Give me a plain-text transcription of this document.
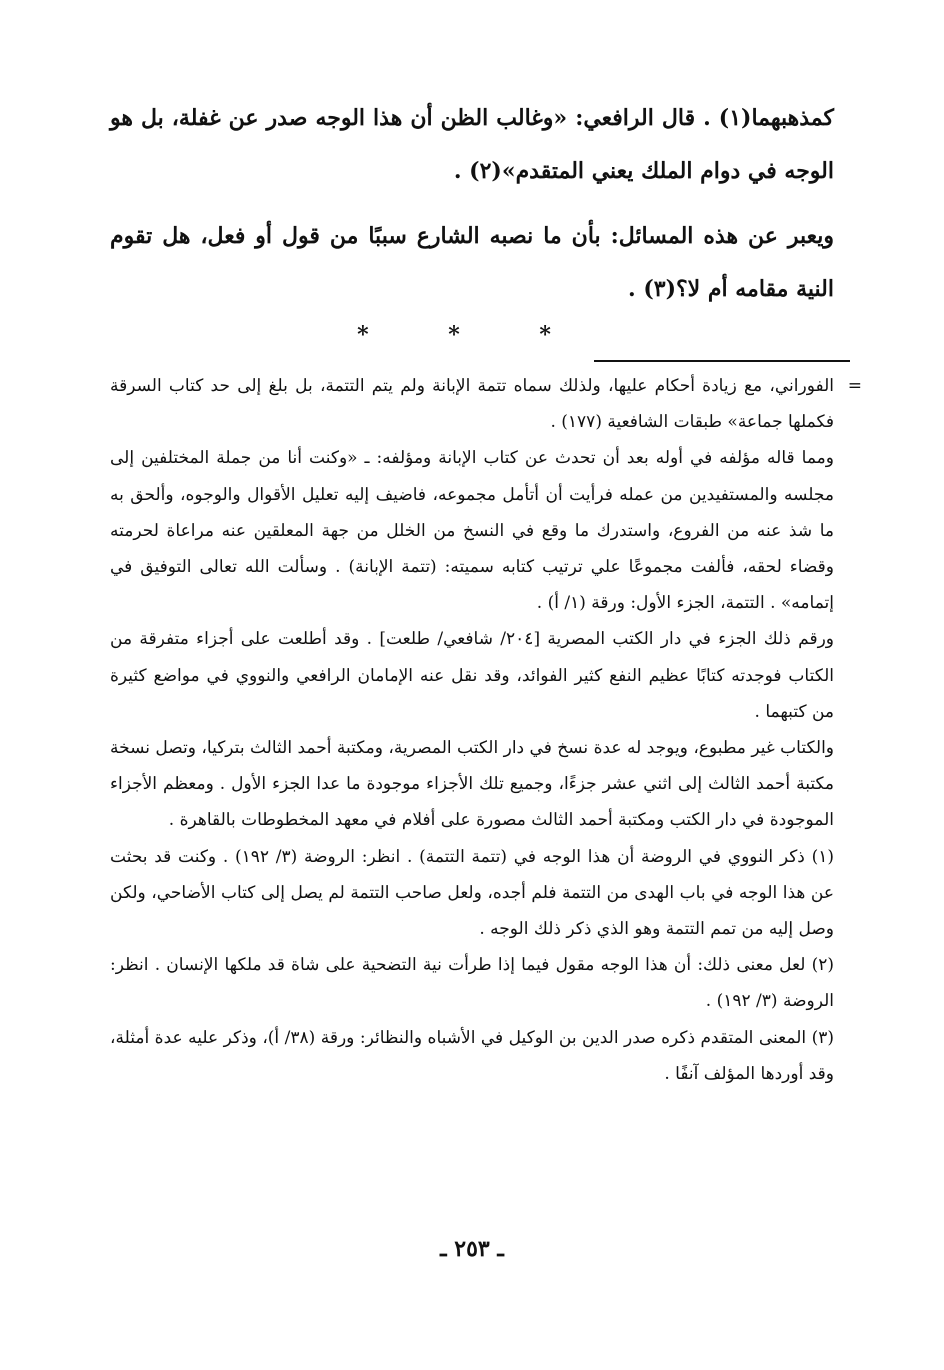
كمذهبهما(١) . قال الرافعي: «وغالب الظن أن هذا الوجه صدر عن غفلة، بل هو الوجه في دوام الملك يعني المتقدم»(٢) .

ويعبر عن هذه المسائل: بأن ما نصبه الشارع سببًا من قول أو فعل، هل تقوم النية مقامه أم لا؟(٣) .

* * *
=

الفوراني، مع زيادة أحكام عليها، ولذلك سماه تتمة الإبانة ولم يتم التتمة، بل بلغ إلى حد كتاب السرقة فكملها جماعة» طبقات الشافعية (١٧٧) .

ومما قاله مؤلفه في أوله بعد أن تحدث عن كتاب الإبانة ومؤلفه: ـ «وكنت أنا من جملة المختلفين إلى مجلسه والمستفيدين من عمله فرأيت أن أتأمل مجموعه، فاضيف إليه تعليل الأقوال والوجوه، وألحق به ما شذ عنه من الفروع، واستدرك ما وقع في النسخ من الخلل من جهة المعلقين عنه مراعاة لحرمته وقضاء لحقه، فألفت مجموعًا علي ترتيب كتابه سميته: (تتمة الإبانة) . وسألت الله تعالى التوفيق في إتمامه» . التتمة، الجزء الأول: ورقة (١/ أ) .

ورقم ذلك الجزء في دار الكتب المصرية [٢٠٤/ شافعي/ طلعت] . وقد أطلعت على أجزاء متفرقة من الكتاب فوجدته كتابًا عظيم النفع كثير الفوائد، وقد نقل عنه الإمامان الرافعي والنووي في مواضع كثيرة من كتبهما .

والكتاب غير مطبوع، ويوجد له عدة نسخ في دار الكتب المصرية، ومكتبة أحمد الثالث بتركيا، وتصل نسخة مكتبة أحمد الثالث إلى اثني عشر جزءًا، وجميع تلك الأجزاء موجودة ما عدا الجزء الأول . ومعظم الأجزاء الموجودة في دار الكتب ومكتبة أحمد الثالث مصورة على أفلام في معهد المخطوطات بالقاهرة .

(١) ذكر النووي في الروضة أن هذا الوجه في (تتمة التتمة) . انظر: الروضة (٣/ ١٩٢) . وكنت قد بحثت عن هذا الوجه في باب الهدى من التتمة فلم أجده، ولعل صاحب التتمة لم يصل إلى كتاب الأضاحي، ولكن وصل إليه من تمم التتمة وهو الذي ذكر ذلك الوجه .

(٢) لعل معنى ذلك: أن هذا الوجه مقول فيما إذا طرأت نية التضحية على شاة قد ملكها الإنسان . انظر: الروضة (٣/ ١٩٢) .

(٣) المعنى المتقدم ذكره صدر الدين بن الوكيل في الأشباه والنظائر: ورقة (٣٨/ أ)، وذكر عليه عدة أمثلة، وقد أوردها المؤلف آنفًا .

ـ ٢٥٣ ـ
